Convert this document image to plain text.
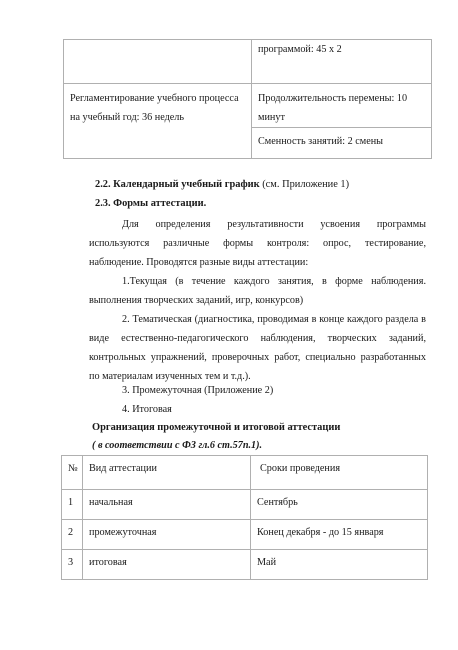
	программой: 45 х 2

Регламентирование учебного процесса на учебный год: 36 недель	Продолжительность перемены: 10 минут

	Сменность занятий: 2 смены
2.2. Календарный учебный график (см. Приложение 1)
2.3. Формы аттестации.

Для определения результативности усвоения программы используются различные формы контроля: опрос, тестирование, наблюдение. Проводятся разные виды аттестации:

1.Текущая (в течение каждого занятия, в форме наблюдения. выполнения творческих заданий, игр, конкурсов)

2. Тематическая (диагностика, проводимая в конце каждого раздела в виде естественно-педагогического наблюдения, творческих заданий, контрольных упражнений, проверочных работ, специально разработанных по материалам изученных тем и т.д.).

3. Промежуточная (Приложение 2)
4. Итоговая
Организация промежуточной и итоговой аттестации
( в соответствии с ФЗ гл.6 ст.57п.1).
№	Вид аттестации	Сроки проведения
1	начальная	Сентябрь
2	промежуточная	Конец декабря - до 15 января
3	итоговая	Май
